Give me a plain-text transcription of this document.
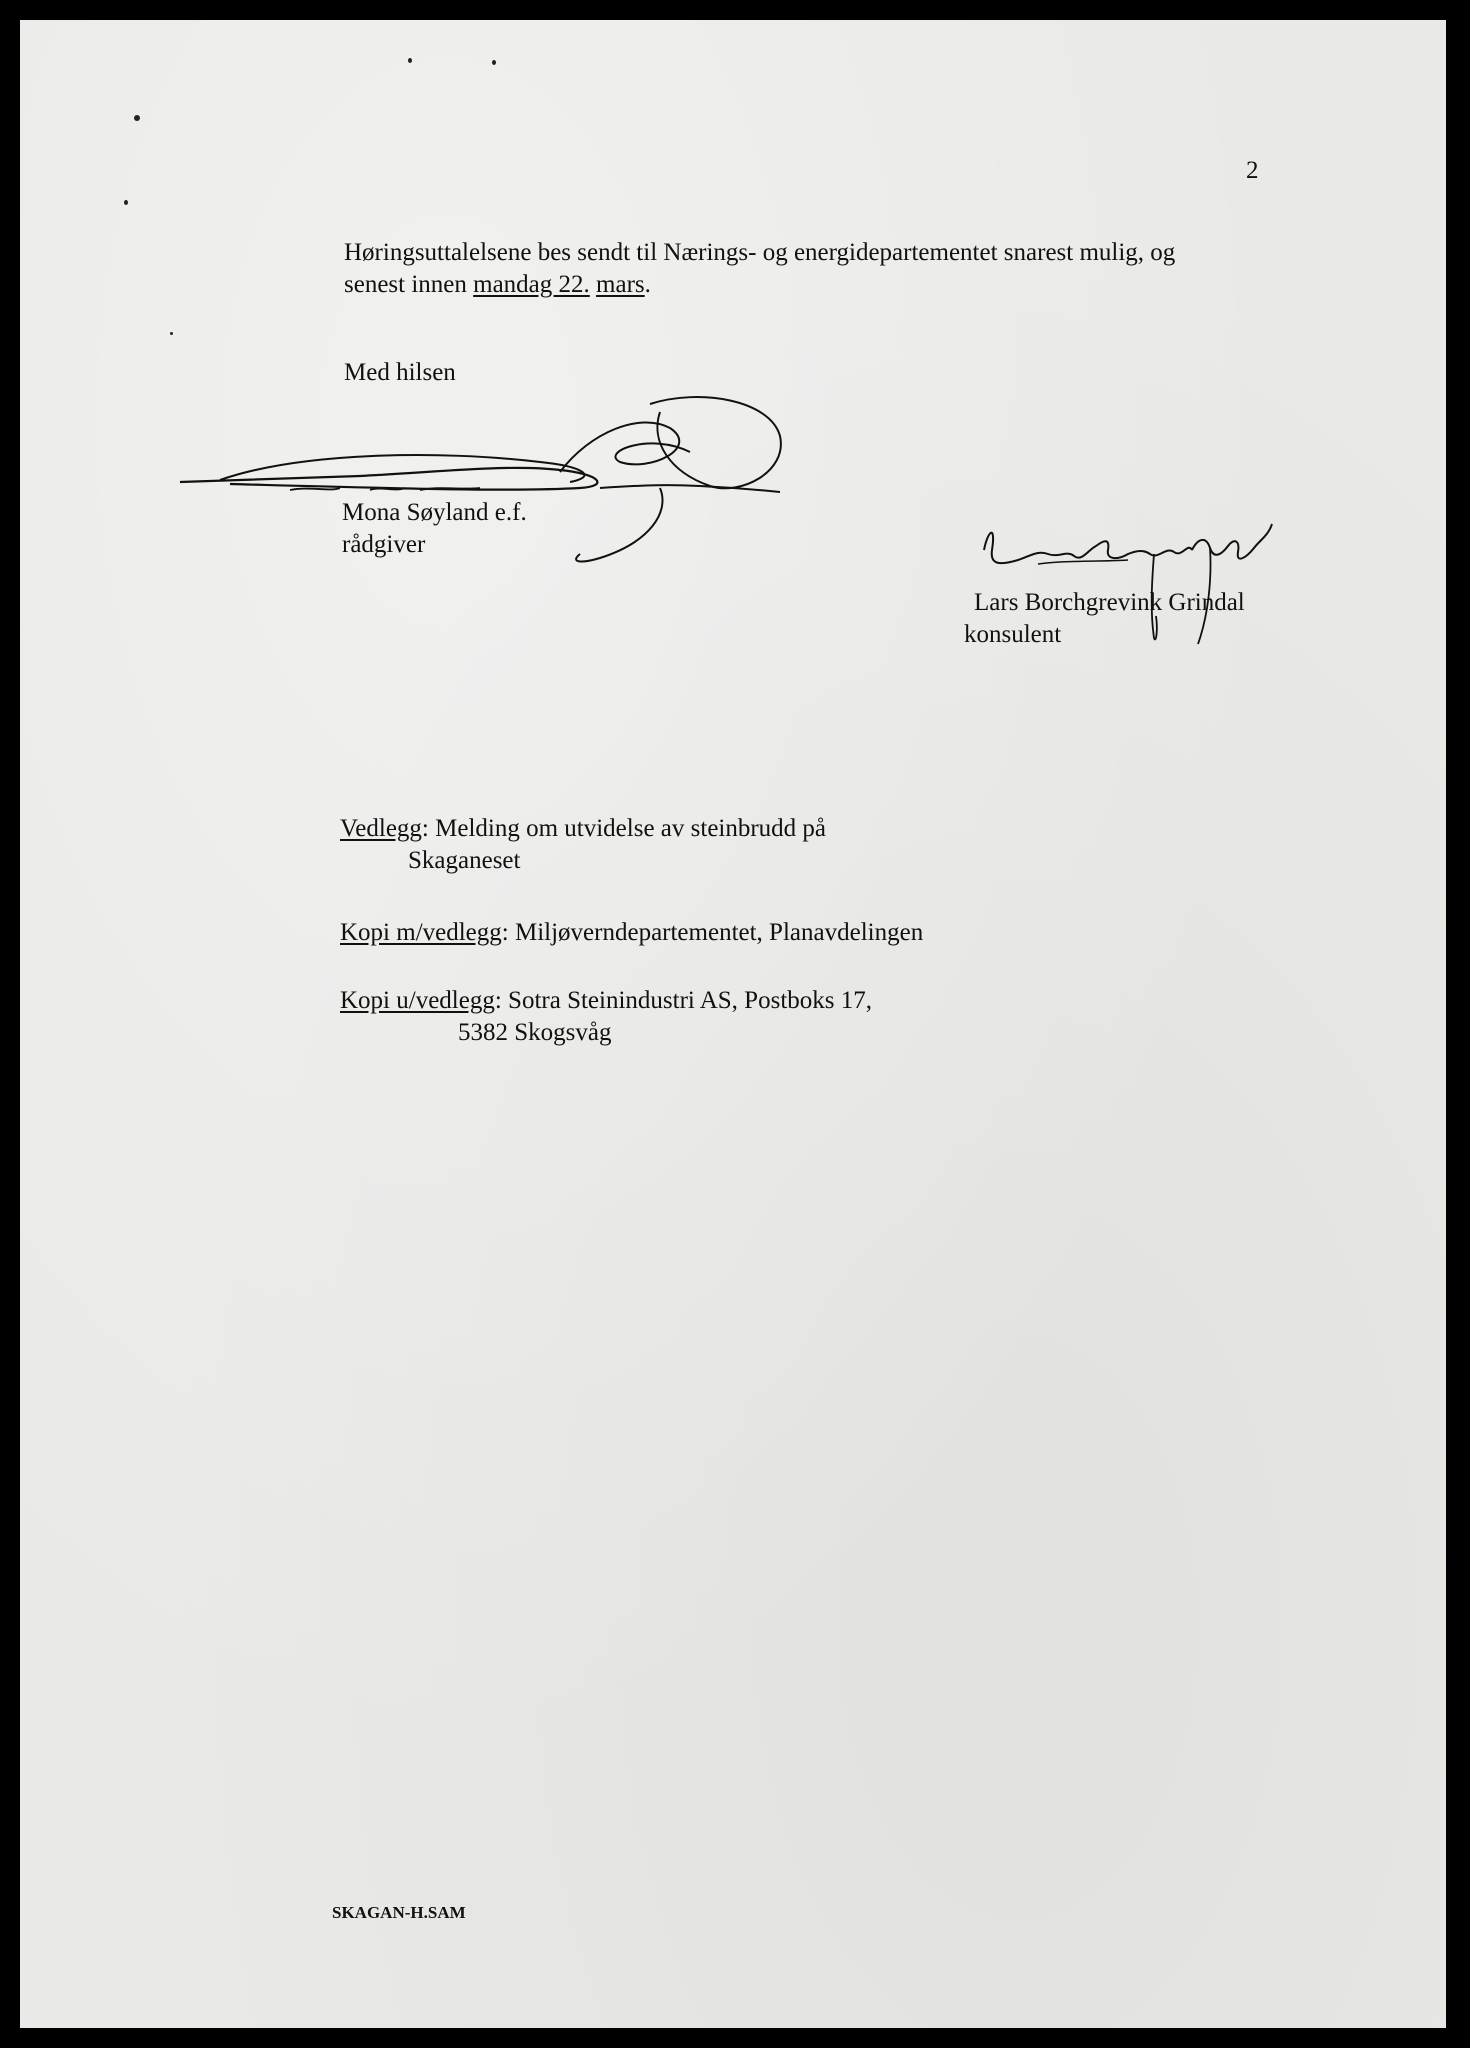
2
Høringsuttalelsene bes sendt til Nærings- og energidepartementet snarest mulig, og
senest innen mandag 22. mars.
Med hilsen
Mona Søyland e.f.
rådgiver
Lars Borchgrevink Grindal
konsulent
Vedlegg: Melding om utvidelse av steinbrudd på
Skaganeset
Kopi m/vedlegg: Miljøverndepartementet, Planavdelingen
Kopi u/vedlegg: Sotra Steinindustri AS, Postboks 17,
5382 Skogsvåg
SKAGAN-H.SAM
